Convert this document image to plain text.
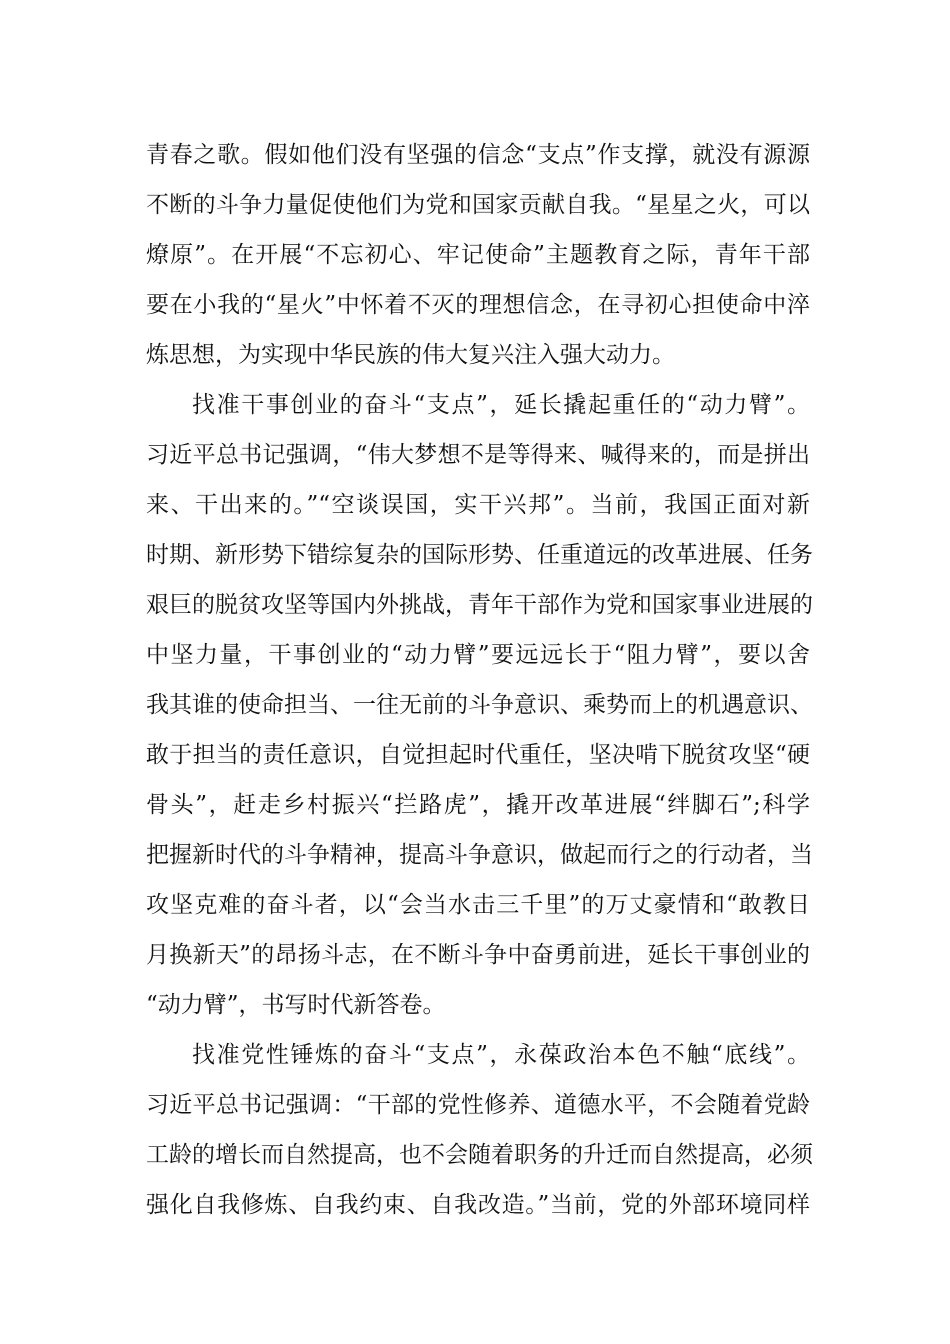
青春之歌。假如他们没有坚强的信念“支点”作支撑，就没有源源
不断的斗争力量促使他们为党和国家贡献自我。“星星之火，可以
燎原”。在开展“不忘初心、牢记使命”主题教育之际，青年干部
要在小我的“星火”中怀着不灭的理想信念，在寻初心担使命中淬
炼思想，为实现中华民族的伟大复兴注入强大动力。
找准干事创业的奋斗“支点”，延长撬起重任的“动力臂”。
习近平总书记强调，“伟大梦想不是等得来、喊得来的，而是拼出
来、干出来的。”“空谈误国，实干兴邦”。当前，我国正面对新
时期、新形势下错综复杂的国际形势、任重道远的改革进展、任务
艰巨的脱贫攻坚等国内外挑战，青年干部作为党和国家事业进展的
中坚力量，干事创业的“动力臂”要远远长于“阻力臂”，要以舍
我其谁的使命担当、一往无前的斗争意识、乘势而上的机遇意识、
敢于担当的责任意识，自觉担起时代重任，坚决啃下脱贫攻坚“硬
骨头”，赶走乡村振兴“拦路虎”，撬开改革进展“绊脚石”;科学
把握新时代的斗争精神，提高斗争意识，做起而行之的行动者，当
攻坚克难的奋斗者，以“会当水击三千里”的万丈豪情和“敢教日
月换新天”的昂扬斗志，在不断斗争中奋勇前进，延长干事创业的
“动力臂”，书写时代新答卷。
找准党性锤炼的奋斗“支点”，永葆政治本色不触“底线”。
习近平总书记强调：“干部的党性修养、道德水平，不会随着党龄
工龄的增长而自然提高，也不会随着职务的升迁而自然提高，必须
强化自我修炼、自我约束、自我改造。”当前，党的外部环境同样
